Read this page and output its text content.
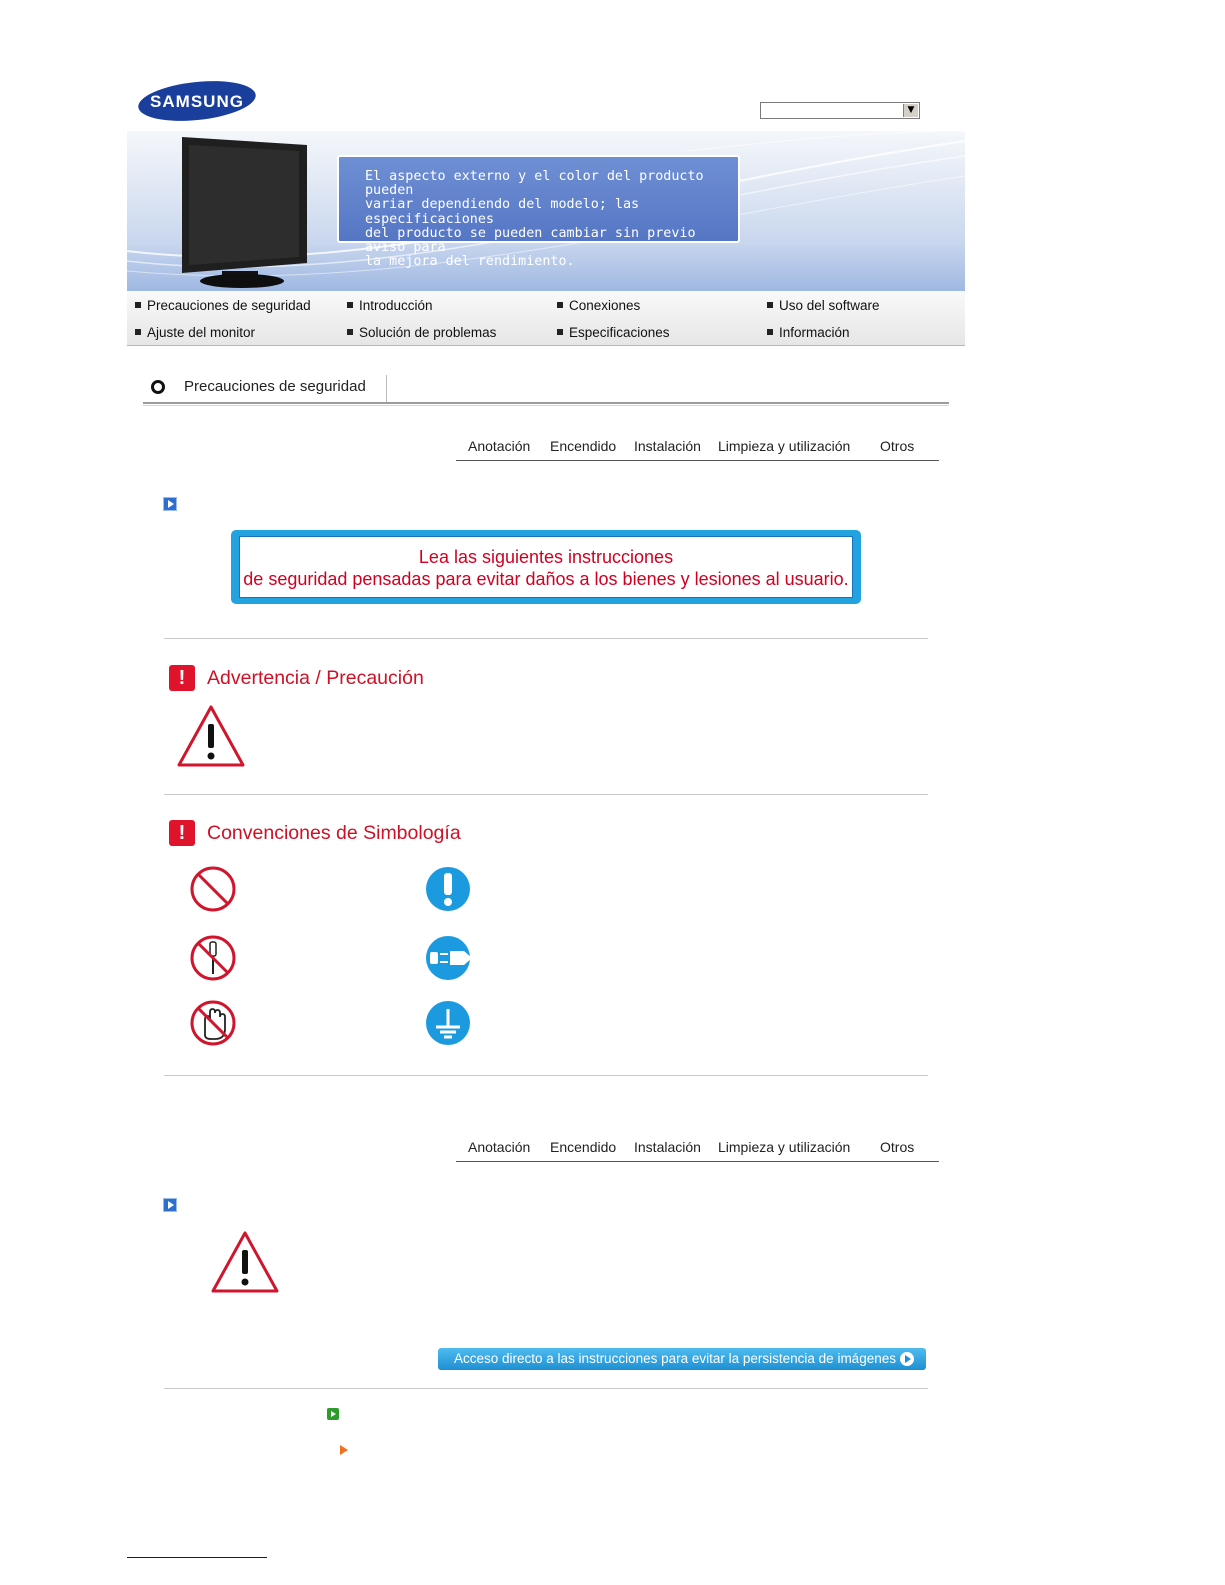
SAMSUNG	▼
El aspecto externo y el color del producto pueden
variar dependiendo del modelo; las especificaciones
del producto se pueden cambiar sin previo aviso para
la mejora del rendimiento.
Precauciones de seguridad	Introducción	Conexiones	Uso del software
Ajuste del monitor	Solución de problemas	Especificaciones	Información
Precauciones de seguridad
Anotación Encendido Instalación Limpieza y utilización Otros
Lea las siguientes instrucciones
de seguridad pensadas para evitar daños a los bienes y lesiones al usuario.
!	Advertencia / Precaución
!	Convenciones de Simbología
Anotación Encendido Instalación Limpieza y utilización Otros
Acceso directo a las instrucciones para evitar la persistencia de imágenes
